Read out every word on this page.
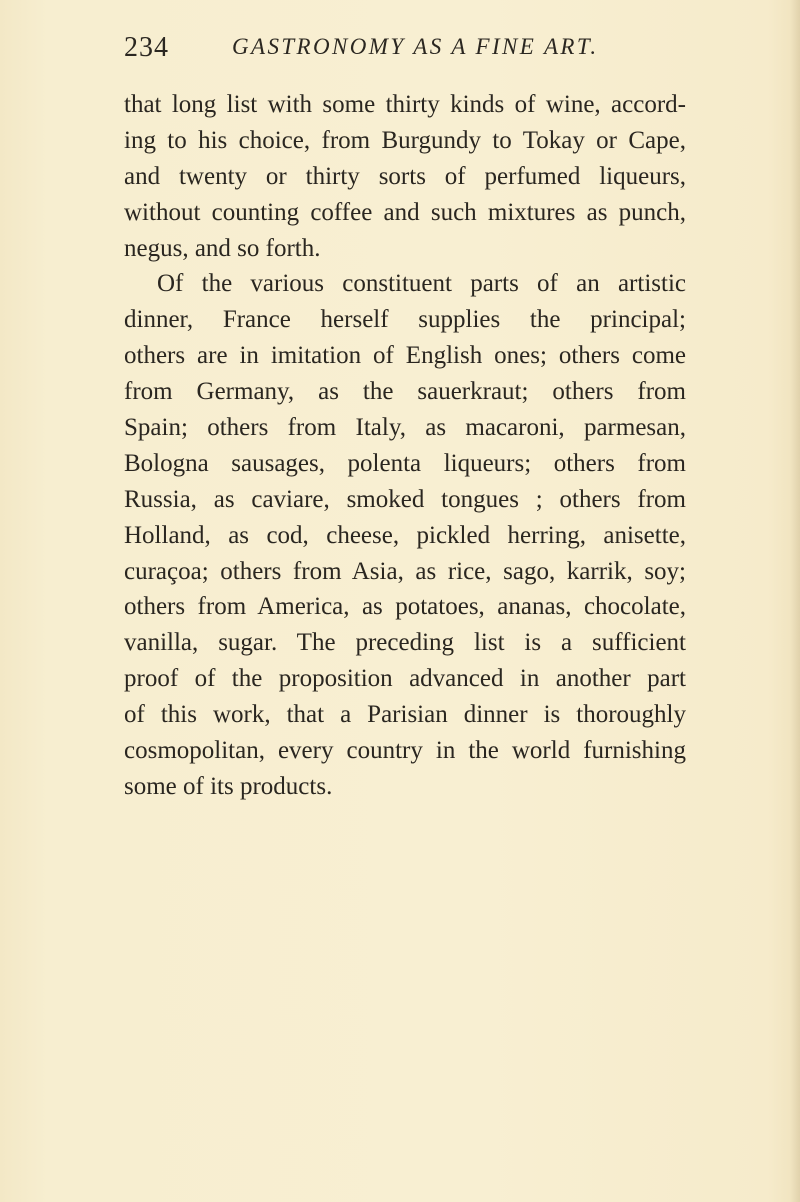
234	GASTRONOMY AS A FINE ART.
that long list with some thirty kinds of wine, accord-
ing to his choice, from Burgundy to Tokay or Cape,
and twenty or thirty sorts of perfumed liqueurs,
without counting coffee and such mixtures as punch,
negus, and so forth.
Of the various constituent parts of an artistic
dinner, France herself supplies the principal;
others are in imitation of English ones; others come
from Germany, as the sauerkraut; others from
Spain; others from Italy, as macaroni, parmesan,
Bologna sausages, polenta liqueurs; others from
Russia, as caviare, smoked tongues ; others from
Holland, as cod, cheese, pickled herring, anisette,
curaçoa; others from Asia, as rice, sago, karrik, soy;
others from America, as potatoes, ananas, chocolate,
vanilla, sugar. The preceding list is a sufficient
proof of the proposition advanced in another part
of this work, that a Parisian dinner is thoroughly
cosmopolitan, every country in the world furnishing
some of its products.
